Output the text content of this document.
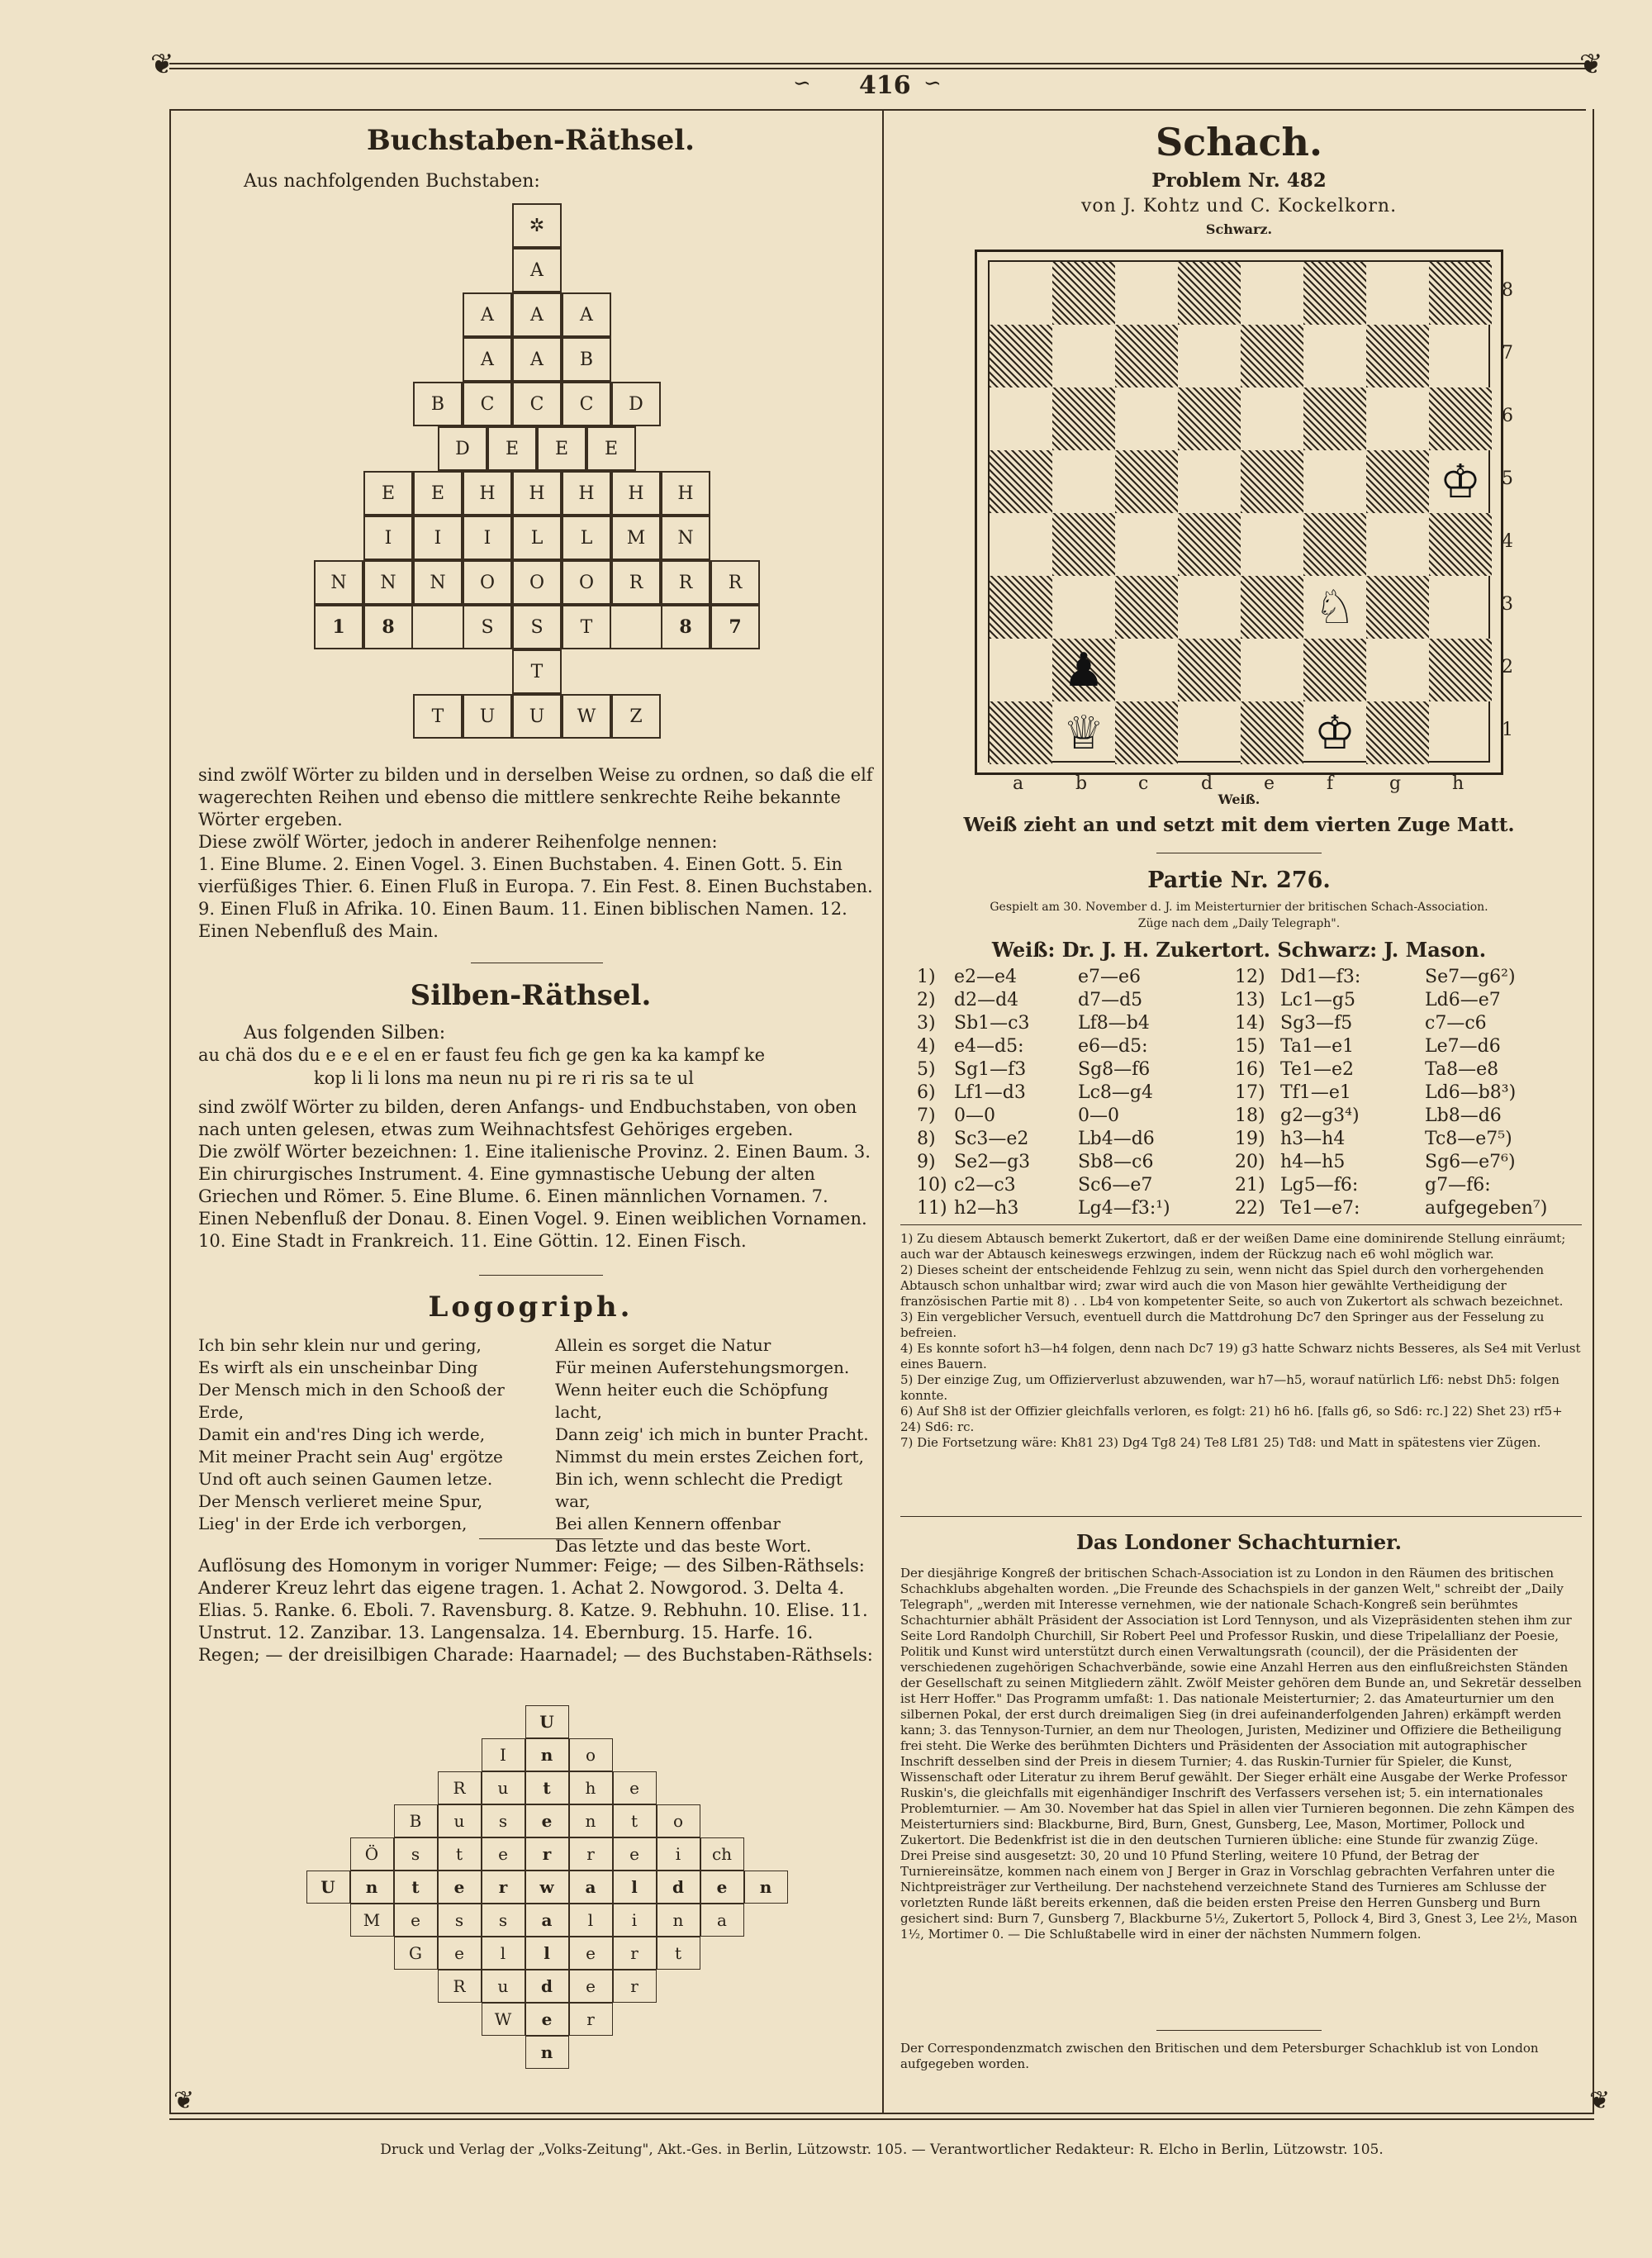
❦	❦
∽ 416 ∽
❦	❦
Buchstaben-Räthsel.
Aus nachfolgenden Buchstaben:
✲
A
A	A	A
A	A	B
B	C	C	C	D
D	E	E	E
E	E	H	H	H	H	H
I	I	I	L	L	M	N
N	N	N	O	O	O	R	R	R
1	8	S	S	T	8	7
T
T	U	U	W	Z
sind zwölf Wörter zu bilden und in derselben Weise zu ordnen, so daß die elf wagerechten Reihen und ebenso die mittlere senkrechte Reihe bekannte Wörter ergeben.
Diese zwölf Wörter, jedoch in anderer Reihenfolge nennen:
1. Eine Blume. 2. Einen Vogel. 3. Einen Buchstaben. 4. Einen Gott. 5. Ein vierfüßiges Thier. 6. Einen Fluß in Europa. 7. Ein Fest. 8. Einen Buchstaben. 9. Einen Fluß in Afrika. 10. Einen Baum. 11. Einen biblischen Namen. 12. Einen Nebenfluß des Main.
Silben-Räthsel.
Aus folgenden Silben:
au chä dos du e e e el en er faust feu fich ge gen ka ka kampf ke
kop li li lons ma neun nu pi re ri ris sa te ul
sind zwölf Wörter zu bilden, deren Anfangs- und Endbuchstaben, von oben nach unten gelesen, etwas zum Weihnachtsfest Gehöriges ergeben.
Die zwölf Wörter bezeichnen: 1. Eine italienische Provinz. 2. Einen Baum. 3. Ein chirurgisches Instrument. 4. Eine gymnastische Uebung der alten Griechen und Römer. 5. Eine Blume. 6. Einen männlichen Vornamen. 7. Einen Nebenfluß der Donau. 8. Einen Vogel. 9. Einen weiblichen Vornamen. 10. Eine Stadt in Frankreich. 11. Eine Göttin. 12. Einen Fisch.
Logogriph.
Ich bin sehr klein nur und gering,
Es wirft als ein unscheinbar Ding
Der Mensch mich in den Schooß der
Erde,
Damit ein and'res Ding ich werde,
Mit meiner Pracht sein Aug' ergötze
Und oft auch seinen Gaumen letze.
Der Mensch verlieret meine Spur,
Lieg' in der Erde ich verborgen,
Allein es sorget die Natur
Für meinen Auferstehungsmorgen.
Wenn heiter euch die Schöpfung
lacht,
Dann zeig' ich mich in bunter Pracht.
Nimmst du mein erstes Zeichen fort,
Bin ich, wenn schlecht die Predigt war,
Bei allen Kennern offenbar
Das letzte und das beste Wort.
Auflösung des Homonym in voriger Nummer: Feige; — des Silben-Räthsels: Anderer Kreuz lehrt das eigene tragen. 1. Achat 2. Nowgorod. 3. Delta 4. Elias. 5. Ranke. 6. Eboli. 7. Ravensburg. 8. Katze. 9. Rebhuhn. 10. Elise. 11. Unstrut. 12. Zanzibar. 13. Langensalza. 14. Ebernburg. 15. Harfe. 16. Regen; — der dreisilbigen Charade: Haarnadel; — des Buchstaben-Räthsels:
U
I	n	o
R	u	t	h	e
B	u	s	e	n	t	o
Ö	s	t	e	r	r	e	i	ch
U	n	t	e	r	w	a	l	d	e	n
M	e	s	s	a	l	i	n	a
G	e	l	l	e	r	t
R	u	d	e	r
W	e	r
n
Schach.
Problem Nr. 482
von J. Kohtz und C. Kockelkorn.
Schwarz.
♔
♘
♟
♕	♔
a	b	c	d	e	f	g	h
8
7
6
5
4
3
2
1
Weiß.
Weiß zieht an und setzt mit dem vierten Zuge Matt.
Partie Nr. 276.
Gespielt am 30. November d. J. im Meisterturnier der britischen Schach-Association.
Züge nach dem „Daily Telegraph".
Weiß: Dr. J. H. Zukertort. Schwarz: J. Mason.
1)	e2—e4	e7—e6	12)	Dd1—f3:	Se7—g6²)
2)	d2—d4	d7—d5	13)	Lc1—g5	Ld6—e7
3)	Sb1—c3	Lf8—b4	14)	Sg3—f5	c7—c6
4)	e4—d5:	e6—d5:	15)	Ta1—e1	Le7—d6
5)	Sg1—f3	Sg8—f6	16)	Te1—e2	Ta8—e8
6)	Lf1—d3	Lc8—g4	17)	Tf1—e1	Ld6—b8³)
7)	0—0	0—0	18)	g2—g3⁴)	Lb8—d6
8)	Sc3—e2	Lb4—d6	19)	h3—h4	Tc8—e7⁵)
9)	Se2—g3	Sb8—c6	20)	h4—h5	Sg6—e7⁶)
10)	c2—c3	Sc6—e7	21)	Lg5—f6:	g7—f6:
11)	h2—h3	Lg4—f3:¹)	22)	Te1—e7:	aufgegeben⁷)
1) Zu diesem Abtausch bemerkt Zukertort, daß er der weißen Dame eine dominirende Stellung einräumt; auch war der Abtausch keineswegs erzwingen, indem der Rückzug nach e6 wohl möglich war.
2) Dieses scheint der entscheidende Fehlzug zu sein, wenn nicht das Spiel durch den vorhergehenden Abtausch schon unhaltbar wird; zwar wird auch die von Mason hier gewählte Vertheidigung der französischen Partie mit 8) . . Lb4 von kompetenter Seite, so auch von Zukertort als schwach bezeichnet.
3) Ein vergeblicher Versuch, eventuell durch die Mattdrohung Dc7 den Springer aus der Fesselung zu befreien.
4) Es konnte sofort h3—h4 folgen, denn nach Dc7 19) g3 hatte Schwarz nichts Besseres, als Se4 mit Verlust eines Bauern.
5) Der einzige Zug, um Offizierverlust abzuwenden, war h7—h5, worauf natürlich Lf6: nebst Dh5: folgen konnte.
6) Auf Sh8 ist der Offizier gleichfalls verloren, es folgt: 21) h6 h6. [falls g6, so Sd6: rc.] 22) Shet 23) rf5+ 24) Sd6: rc.
7) Die Fortsetzung wäre: Kh81 23) Dg4 Tg8 24) Te8 Lf81 25) Td8: und Matt in spätestens vier Zügen.
Das Londoner Schachturnier.
Der diesjährige Kongreß der britischen Schach-Association ist zu London in den Räumen des britischen Schachklubs abgehalten worden. „Die Freunde des Schachspiels in der ganzen Welt," schreibt der „Daily Telegraph", „werden mit Interesse vernehmen, wie der nationale Schach-Kongreß sein berühmtes Schachturnier abhält Präsident der Association ist Lord Tennyson, und als Vizepräsidenten stehen ihm zur Seite Lord Randolph Churchill, Sir Robert Peel und Professor Ruskin, und diese Tripelallianz der Poesie, Politik und Kunst wird unterstützt durch einen Verwaltungsrath (council), der die Präsidenten der verschiedenen zugehörigen Schachverbände, sowie eine Anzahl Herren aus den einflußreichsten Ständen der Gesellschaft zu seinen Mitgliedern zählt. Zwölf Meister gehören dem Bunde an, und Sekretär desselben ist Herr Hoffer." Das Programm umfaßt: 1. Das nationale Meisterturnier; 2. das Amateurturnier um den silbernen Pokal, der erst durch dreimaligen Sieg (in drei aufeinanderfolgenden Jahren) erkämpft werden kann; 3. das Tennyson-Turnier, an dem nur Theologen, Juristen, Mediziner und Offiziere die Betheiligung frei steht. Die Werke des berühmten Dichters und Präsidenten der Association mit autographischer Inschrift desselben sind der Preis in diesem Turnier; 4. das Ruskin-Turnier für Spieler, die Kunst, Wissenschaft oder Literatur zu ihrem Beruf gewählt. Der Sieger erhält eine Ausgabe der Werke Professor Ruskin's, die gleichfalls mit eigenhändiger Inschrift des Verfassers versehen ist; 5. ein internationales Problemturnier. — Am 30. November hat das Spiel in allen vier Turnieren begonnen. Die zehn Kämpen des Meisterturniers sind: Blackburne, Bird, Burn, Gnest, Gunsberg, Lee, Mason, Mortimer, Pollock und Zukertort. Die Bedenkfrist ist die in den deutschen Turnieren übliche: eine Stunde für zwanzig Züge.
Drei Preise sind ausgesetzt: 30, 20 und 10 Pfund Sterling, weitere 10 Pfund, der Betrag der Turniereinsätze, kommen nach einem von J Berger in Graz in Vorschlag gebrachten Verfahren unter die Nichtpreisträger zur Vertheilung. Der nachstehend verzeichnete Stand des Turnieres am Schlusse der vorletzten Runde läßt bereits erkennen, daß die beiden ersten Preise den Herren Gunsberg und Burn gesichert sind: Burn 7, Gunsberg 7, Blackburne 5½, Zukertort 5, Pollock 4, Bird 3, Gnest 3, Lee 2½, Mason 1½, Mortimer 0. — Die Schlußtabelle wird in einer der nächsten Nummern folgen.
Der Correspondenzmatch zwischen den Britischen und dem Petersburger Schachklub ist von London aufgegeben worden.
Druck und Verlag der „Volks-Zeitung", Akt.-Ges. in Berlin, Lützowstr. 105. — Verantwortlicher Redakteur: R. Elcho in Berlin, Lützowstr. 105.
